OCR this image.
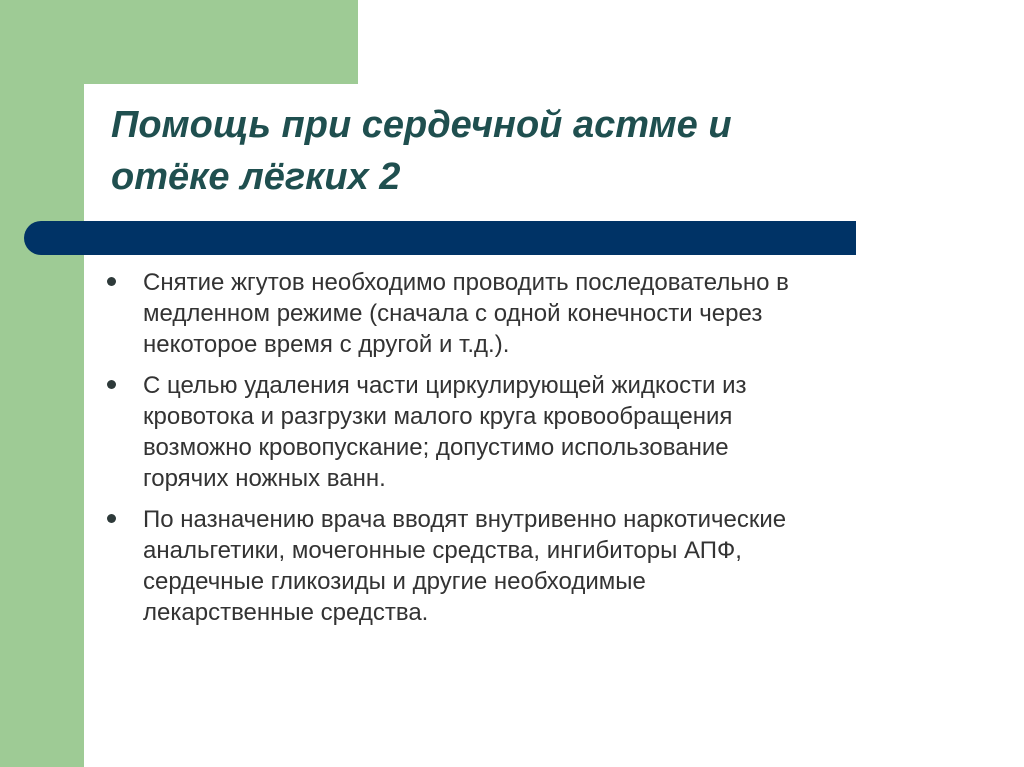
Помощь при сердечной астме и
отёке лёгких 2
Снятие жгутов необходимо проводить последовательно в
медленном режиме (сначала с одной конечности через
некоторое время с другой и т.д.).
С целью удаления части циркулирующей жидкости из
кровотока и разгрузки малого круга кровообращения
возможно кровопускание; допустимо использование
горячих ножных ванн.
По назначению врача вводят внутривенно наркотические
анальгетики, мочегонные средства, ингибиторы АПФ,
сердечные гликозиды и другие необходимые
лекарственные средства.
